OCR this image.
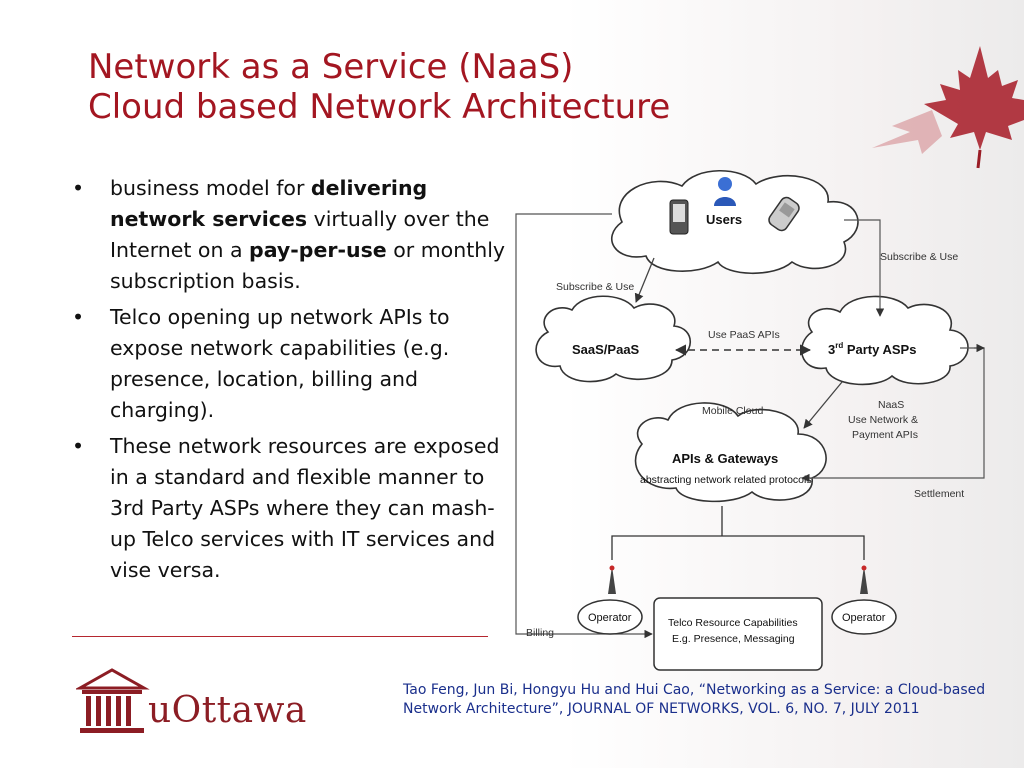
Network as a Service (NaaS)
Cloud based Network Architecture
• business model for delivering network services virtually over the Internet on a pay-per-use or monthly subscription basis.
• Telco opening up network APIs to expose network capabilities (e.g. presence, location, billing and charging).
• These network resources are exposed in a standard and flexible manner to 3rd Party ASPs where they can mash-up Telco services with IT services and vise versa.
Users
SaaS/PaaS	3rd Party ASPs
APIs & Gateways
abstracting network related protocols
Subscribe & Use
Subscribe & Use
Use PaaS APIs
Mobile Cloud	NaaS
Use Network &
Payment APIs
Settlement
Operator	Operator
Telco Resource Capabilities
E.g. Presence, Messaging
Billing
uOttawa	Tao Feng, Jun Bi, Hongyu Hu and Hui Cao, “Networking as a Service: a Cloud-based Network Architecture”, JOURNAL OF NETWORKS, VOL. 6, NO. 7, JULY 2011
